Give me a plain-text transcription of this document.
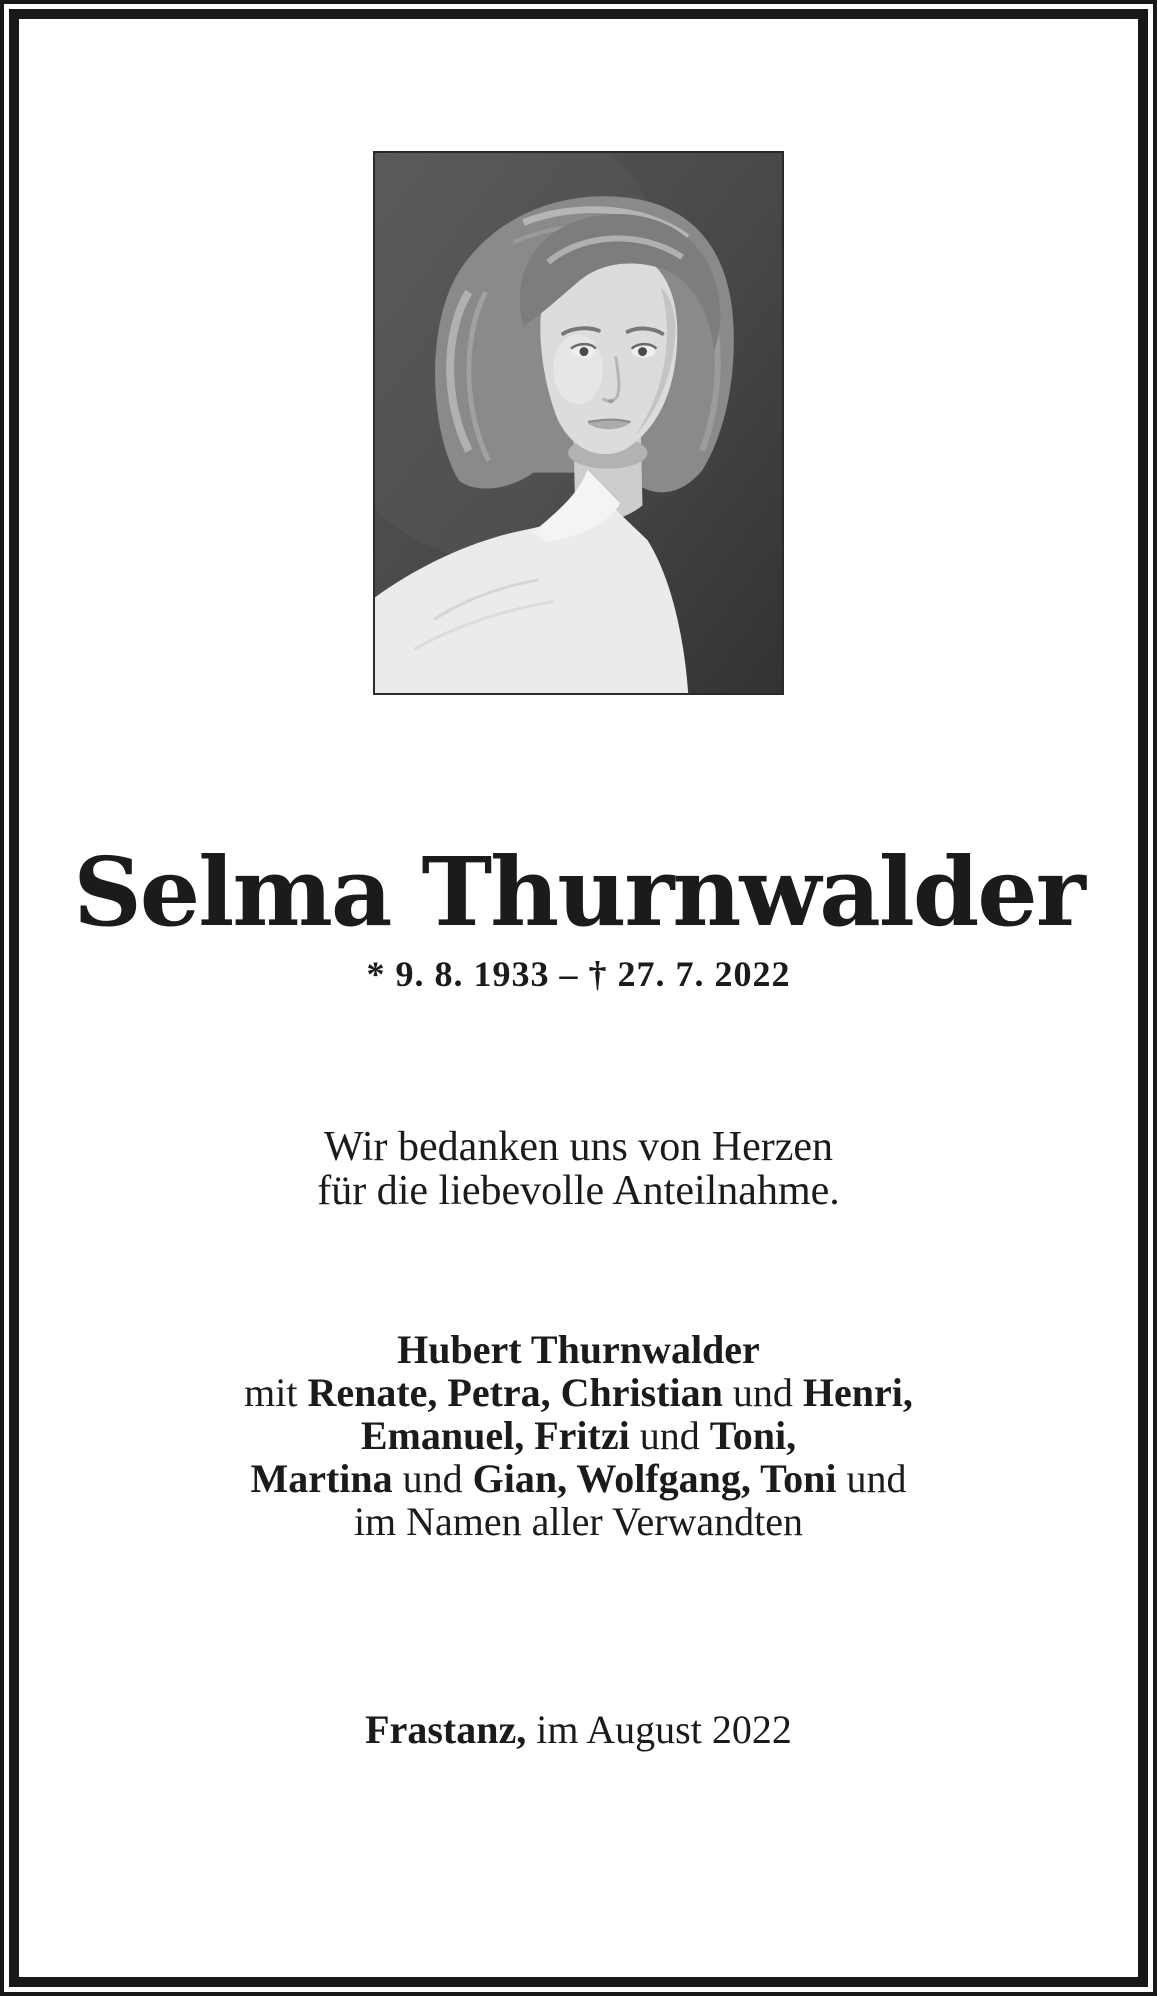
Selma Thurnwalder
* 9. 8. 1933 – † 27. 7. 2022
Wir bedanken uns von Herzen
für die liebevolle Anteilnahme.
Hubert Thurnwalder
mit Renate, Petra, Christian und Henri,
Emanuel, Fritzi und Toni,
Martina und Gian, Wolfgang, Toni und
im Namen aller Verwandten
Frastanz, im August 2022
